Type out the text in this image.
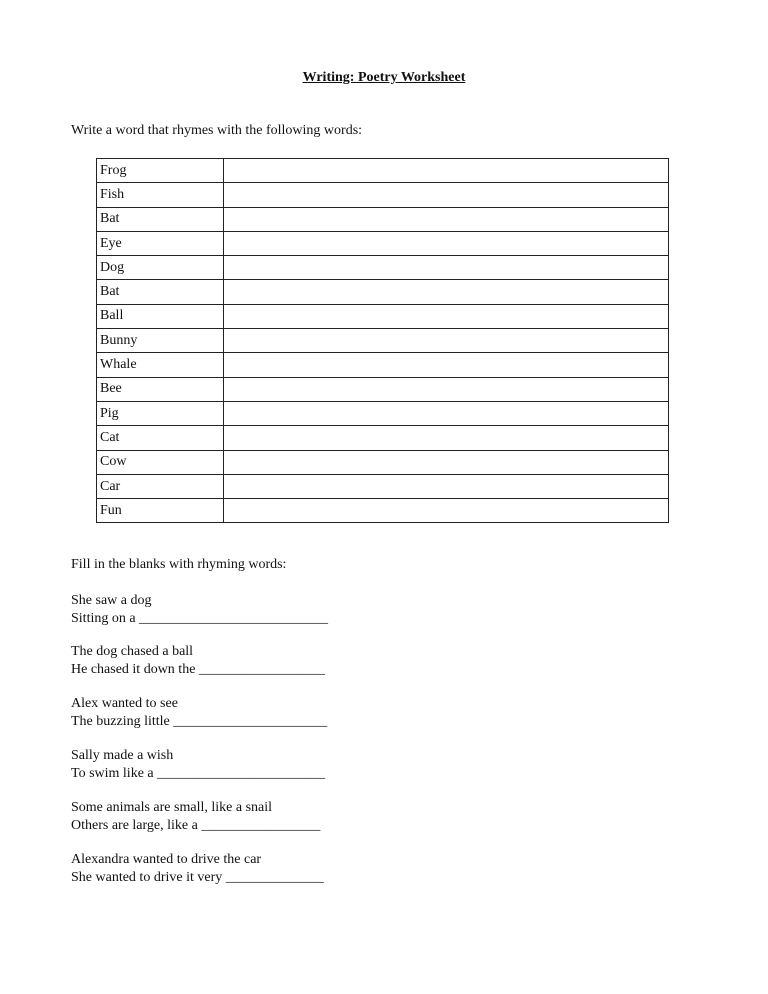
Writing: Poetry Worksheet
Write a word that rhymes with the following words:
Frog	
Fish	
Bat	
Eye	
Dog	
Bat	
Ball	
Bunny	
Whale	
Bee	
Pig	
Cat	
Cow	
Car	
Fun	
Fill in the blanks with rhyming words:
She saw a dog
Sitting on a ___________________________
The dog chased a ball
He chased it down the __________________
Alex wanted to see
The buzzing little ______________________
Sally made a wish
To swim like a ________________________
Some animals are small, like a snail
Others are large, like a _________________
Alexandra wanted to drive the car
She wanted to drive it very ______________
